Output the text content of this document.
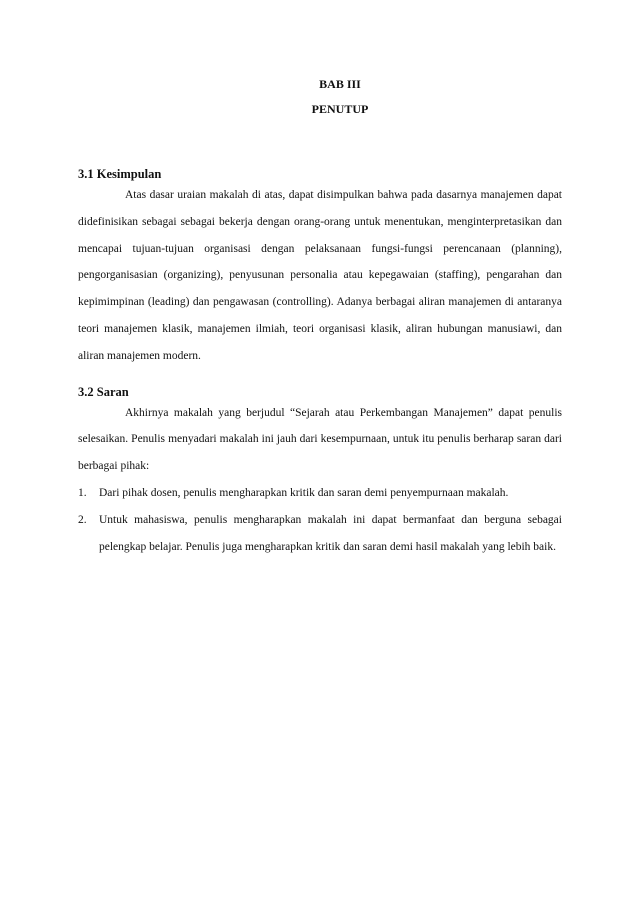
BAB III
PENUTUP
3.1 Kesimpulan

Atas dasar uraian makalah di atas, dapat disimpulkan bahwa pada dasarnya manajemen dapat didefinisikan sebagai sebagai bekerja dengan orang-orang untuk menentukan, menginterpretasikan dan mencapai tujuan-tujuan organisasi dengan pelaksanaan fungsi-fungsi perencanaan (planning), pengorganisasian (organizing), penyusunan personalia atau kepegawaian (staffing), pengarahan dan kepimimpinan (leading) dan pengawasan (controlling). Adanya berbagai aliran manajemen di antaranya teori manajemen klasik, manajemen ilmiah, teori organisasi klasik, aliran hubungan manusiawi, dan aliran manajemen modern.

3.2 Saran

Akhirnya makalah yang berjudul “Sejarah atau Perkembangan Manajemen” dapat penulis selesaikan. Penulis menyadari makalah ini jauh dari kesempurnaan, untuk itu penulis berharap saran dari berbagai pihak:

1. Dari pihak dosen, penulis mengharapkan kritik dan saran demi penyempurnaan makalah.
2. Untuk mahasiswa, penulis mengharapkan makalah ini dapat bermanfaat dan berguna sebagai pelengkap belajar. Penulis juga mengharapkan kritik dan saran demi hasil makalah yang lebih baik.
